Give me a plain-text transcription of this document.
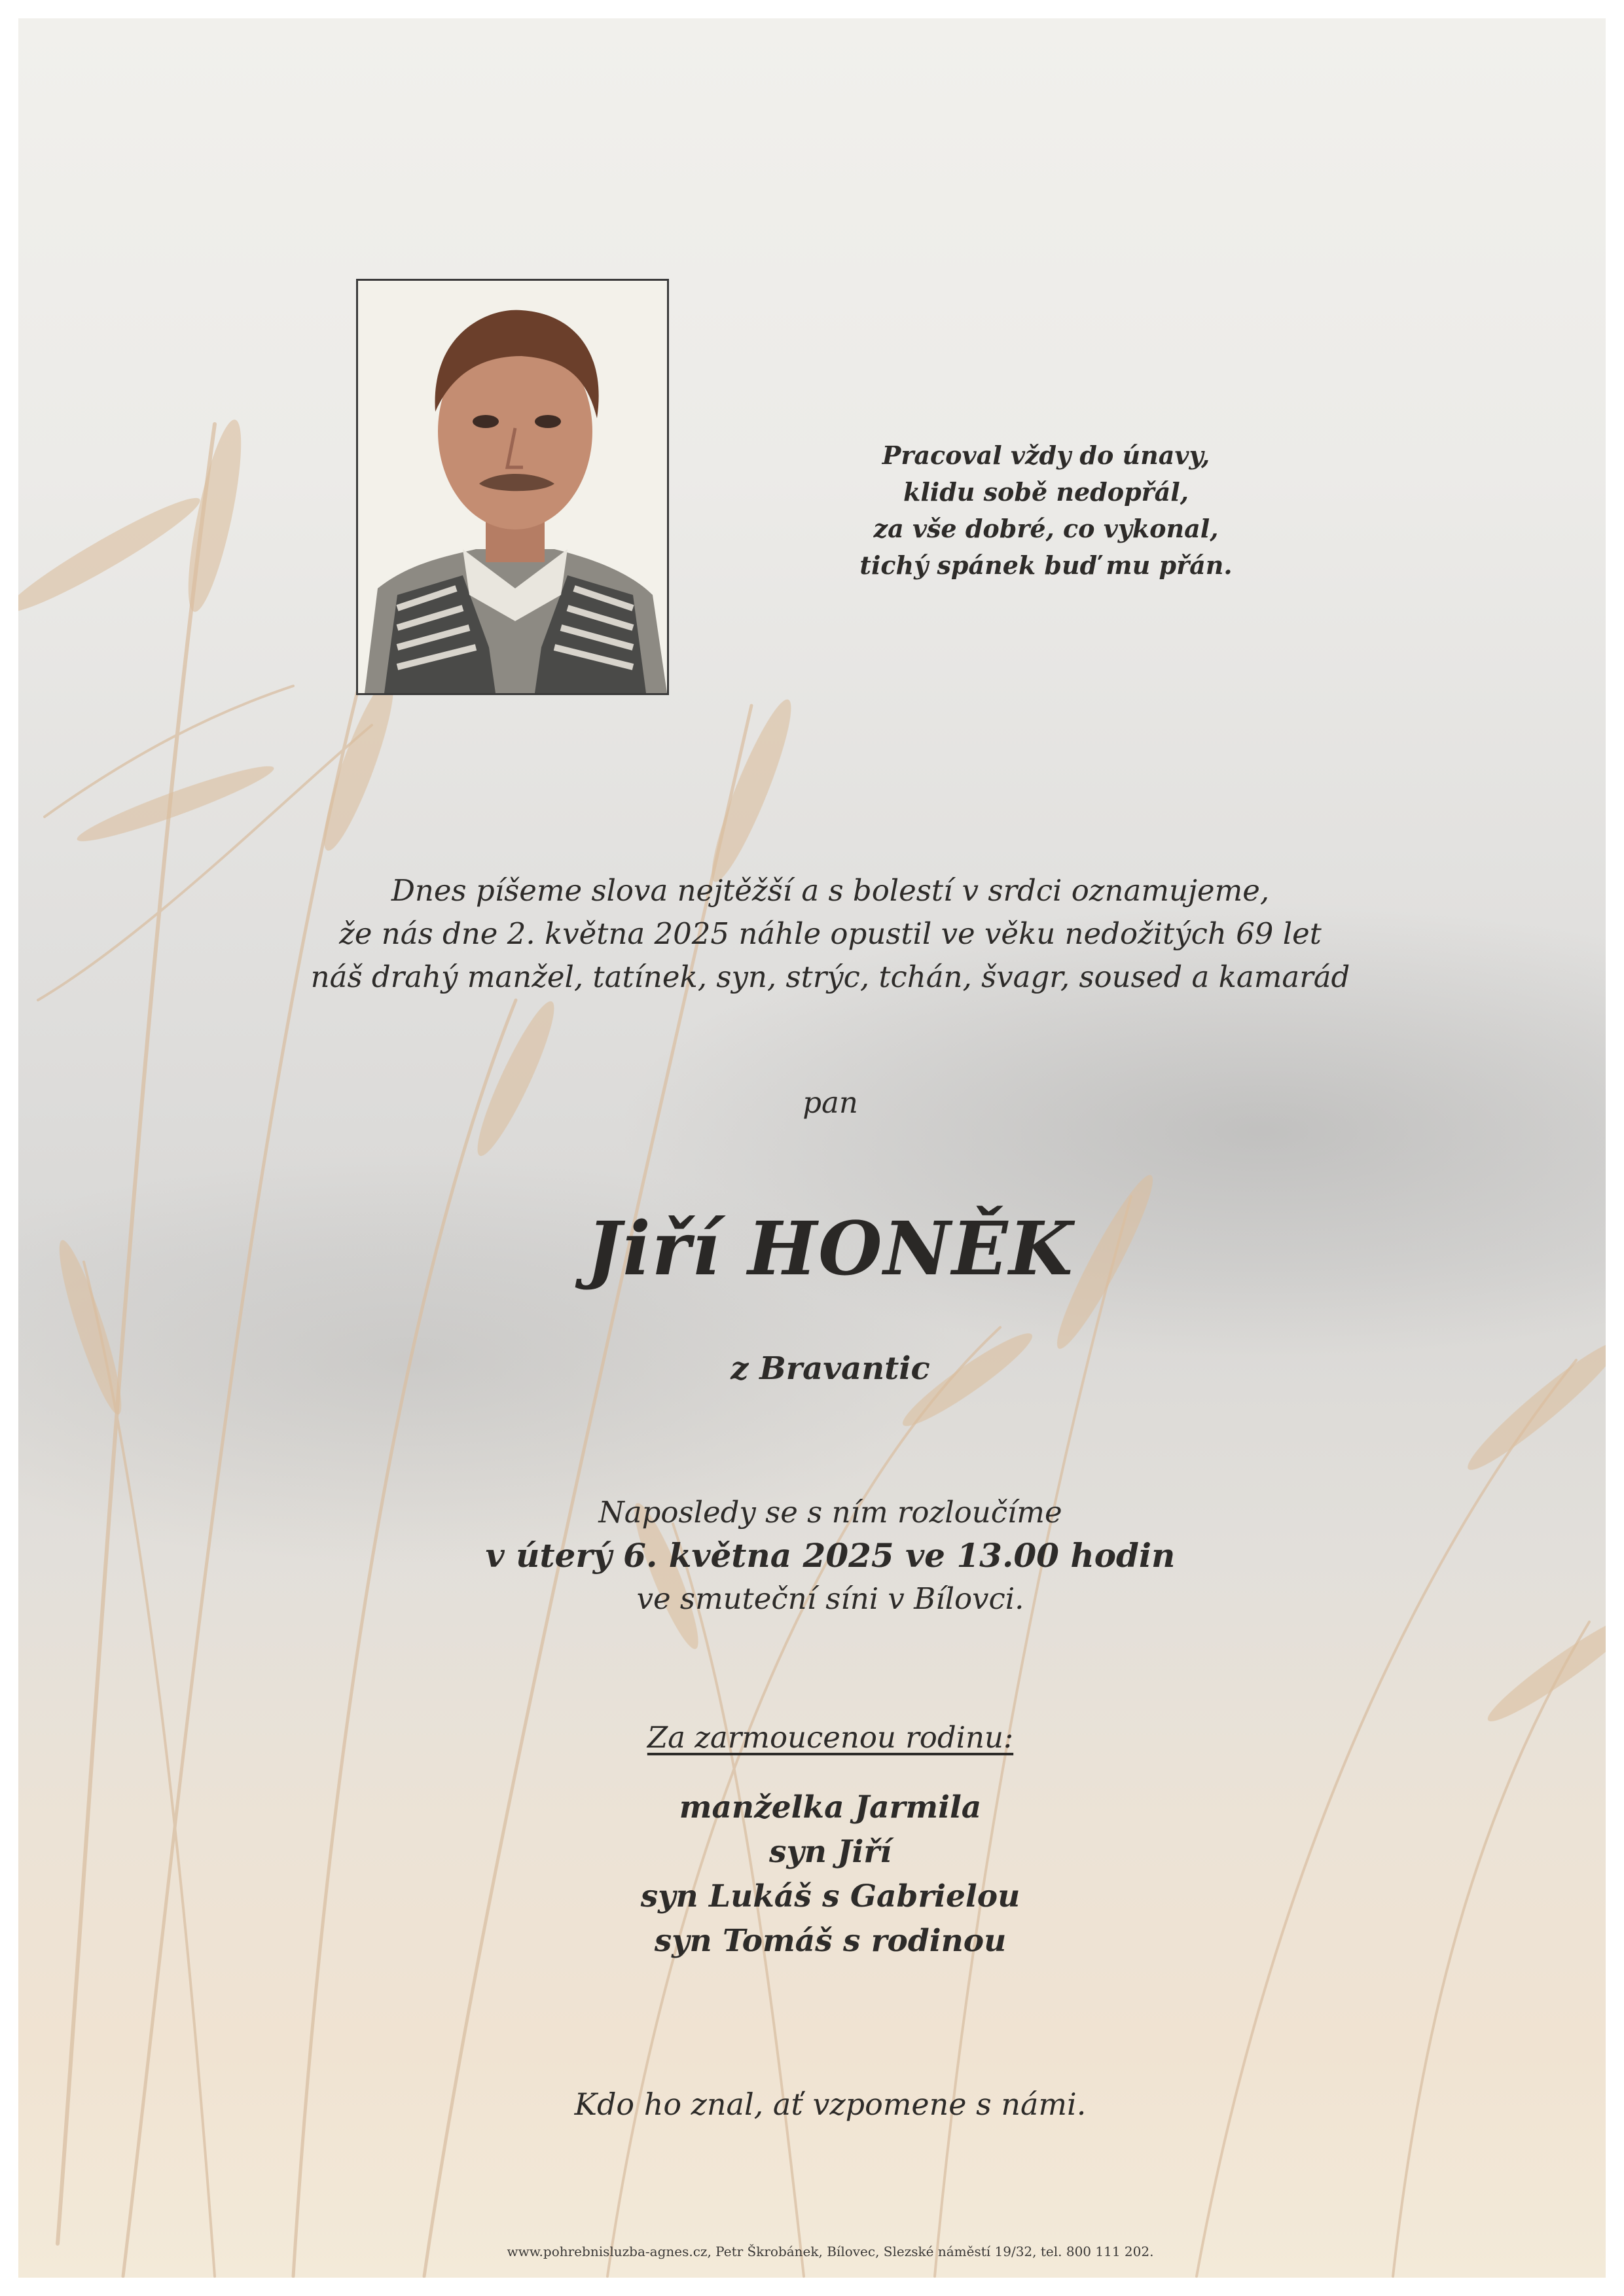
Pracoval vždy do únavy,
klidu sobě nedopřál,
za vše dobré, co vykonal,
tichý spánek buď mu přán.
Dnes píšeme slova nejtěžší a s bolestí v srdci oznamujeme,
že nás dne 2. května 2025 náhle opustil ve věku nedožitých 69 let
náš drahý manžel, tatínek, syn, strýc, tchán, švagr, soused a kamarád
pan
Jiří HONĚK
z Bravantic
Naposledy se s ním rozloučíme
v úterý 6. května 2025 ve 13.00 hodin
ve smuteční síni v Bílovci.
Za zarmoucenou rodinu:
manželka Jarmila
syn Jiří
syn Lukáš s Gabrielou
syn Tomáš s rodinou
Kdo ho znal, ať vzpomene s námi.
www.pohrebnisluzba-agnes.cz, Petr Škrobánek, Bílovec, Slezské náměstí 19/32, tel. 800 111 202.
